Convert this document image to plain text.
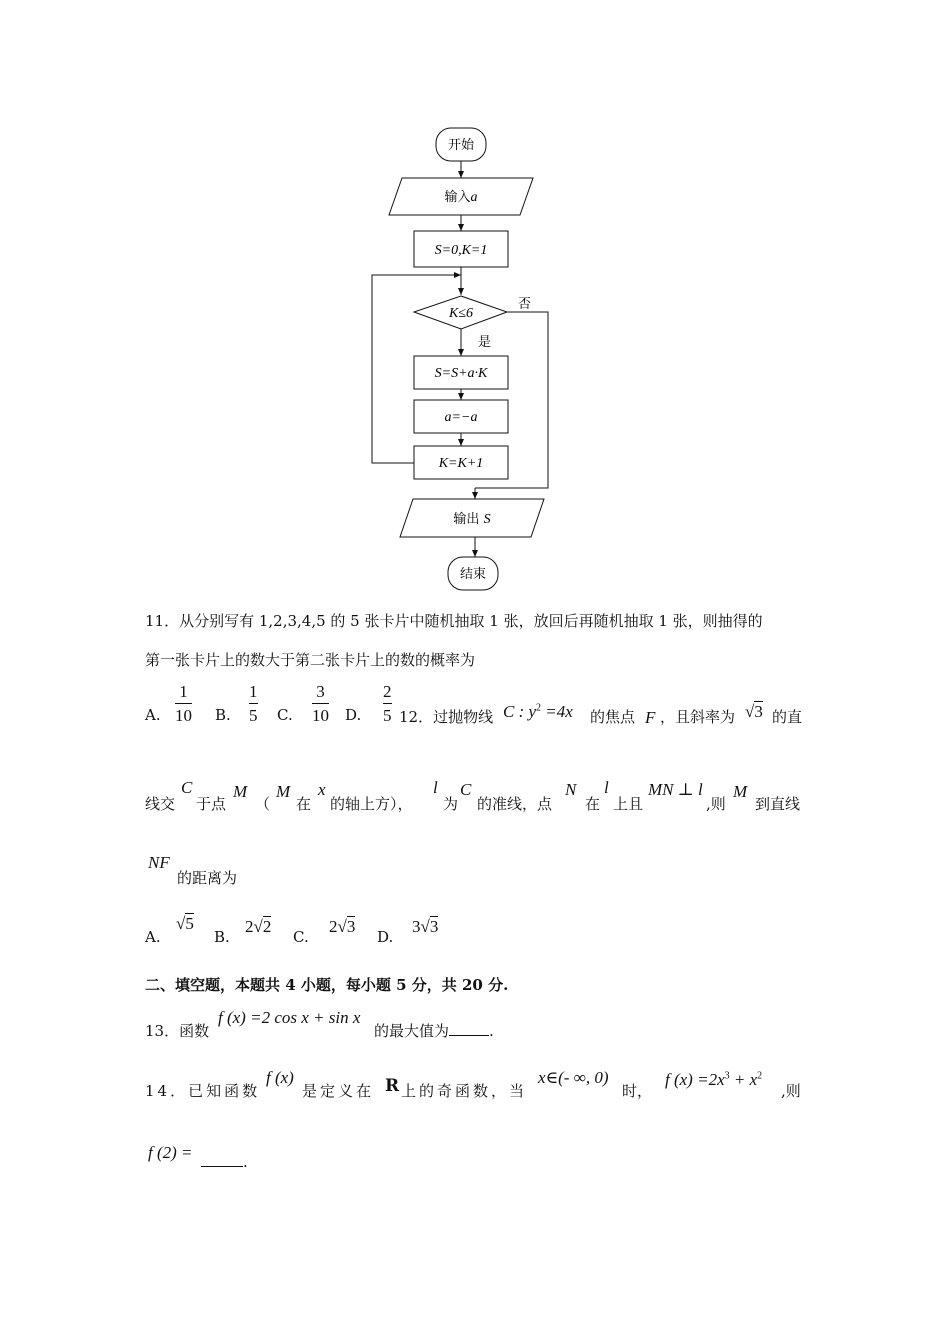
开始
输入a
S=0,K=1
K≤6
否
是
S=S+a·K
a=−a
K=K+1
输出 S
结束
11．从分别写有 1,2,3,4,5 的 5 张卡片中随机抽取 1 张，放回后再随机抽取 1 张，则抽得的
第一张卡片上的数大于第二张卡片上的数的概率为
A.
1
10 B.
1
5 C.
3
10 D.
2
5 12．过抛物线 C : $y^2 =4x$ 的焦点 F ，且斜率为 √3 的直
线交
C
于点
M
（
M
在
x
的轴上方），
l
为
C
的准线，点
N
在
l
上且
MN ⊥ l
,则
M
到直线
NF
的距离为
A.
√5
B.
2√2
C.
2√3
D.
3√3
二、填空题，本题共 4 小题，每小题 5 分，共 20 分.
13．函数
f (x) =2 cos x + sin x
的最大值为	.
14．已知函数
f (x)
是定义在 R 上的奇函数，当
x∈(- ∞, 0)
时，
f $(x) =2x^3 + x^2$
,则
f (2) =	.
